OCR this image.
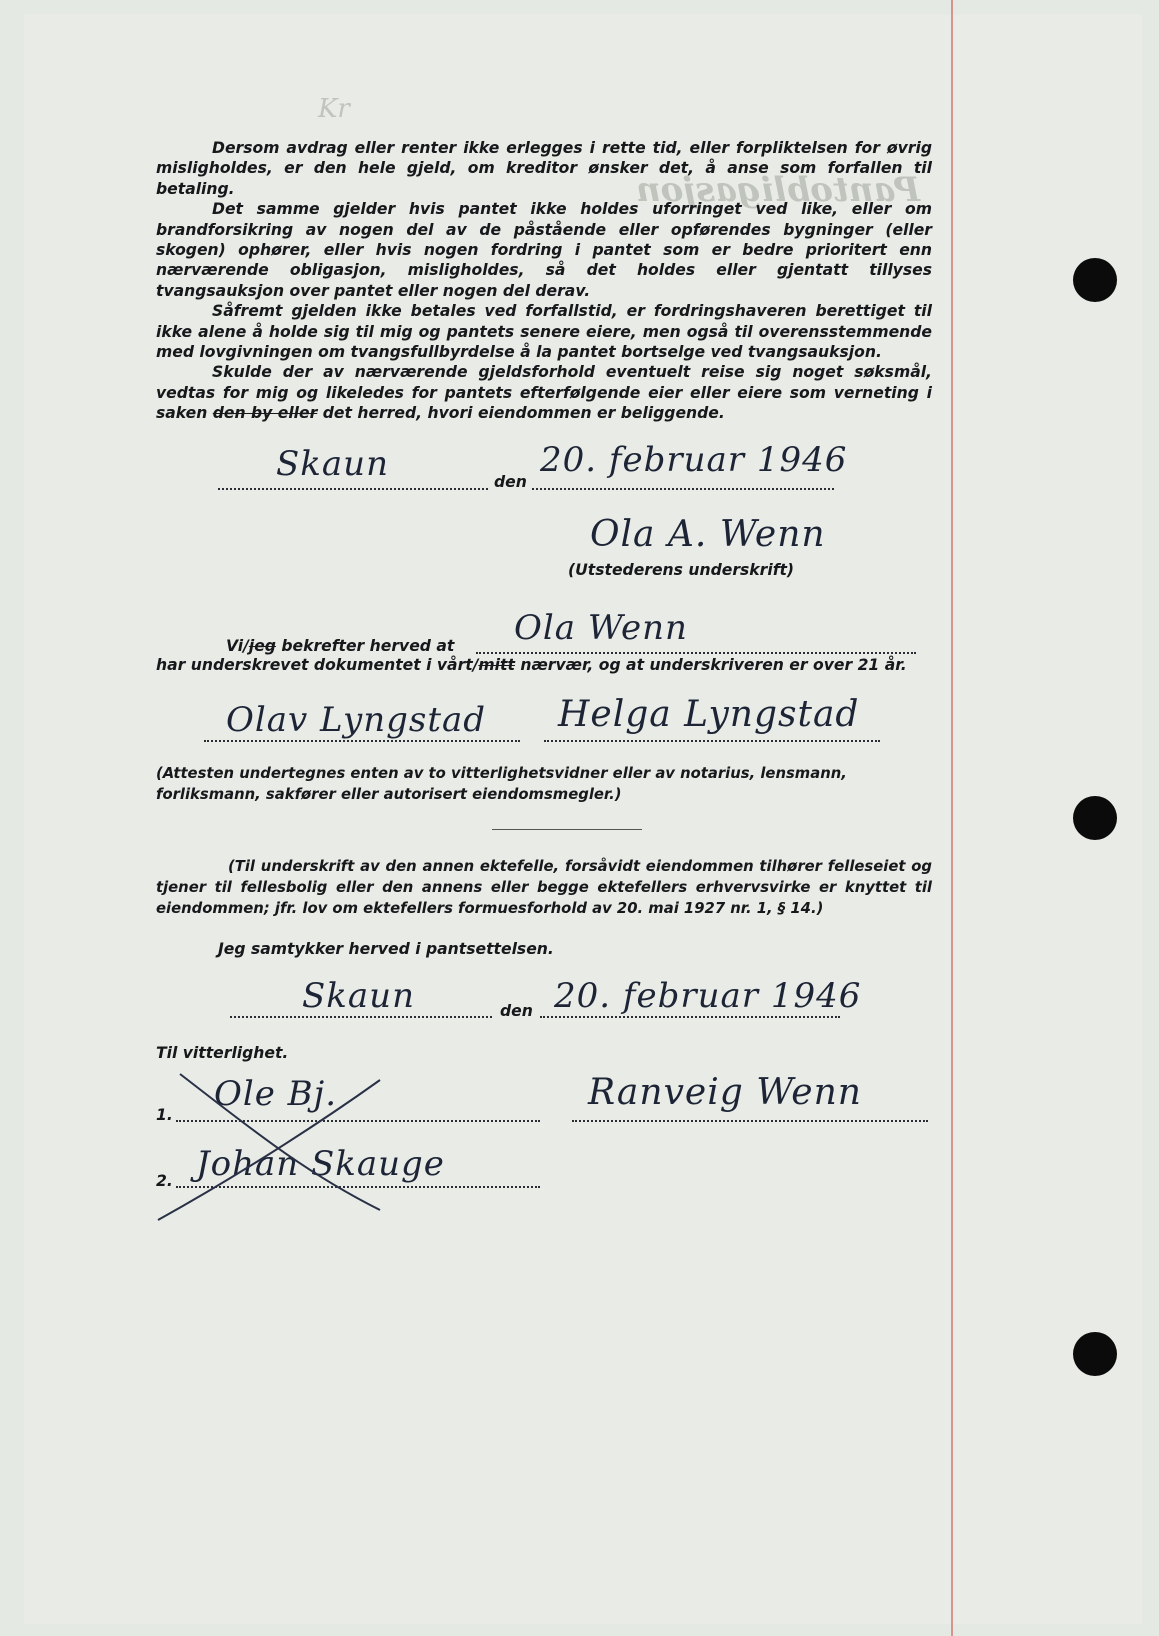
Kr
Pantobligasjon

Dersom avdrag eller renter ikke erlegges i rette tid, eller forpliktelsen for øvrig misligholdes, er den hele gjeld, om kreditor ønsker det, å anse som forfallen til betaling.

Det samme gjelder hvis pantet ikke holdes uforringet ved like, eller om brandforsikring av nogen del av de påstående eller opførendes bygninger (eller skogen) ophører, eller hvis nogen fordring i pantet som er bedre prioritert enn nærværende obligasjon, misligholdes, så det holdes eller gjentatt tillyses tvangsauksjon over pantet eller nogen del derav.

Såfremt gjelden ikke betales ved forfallstid, er fordringshaveren berettiget til ikke alene å holde sig til mig og pantets senere eiere, men også til overensstemmende med lovgivningen om tvangsfullbyrdelse å la pantet bortselge ved tvangsauksjon.

Skulde der av nærværende gjeldsforhold eventuelt reise sig noget søksmål, vedtas for mig og likeledes for pantets efterfølgende eier eller eiere som verneting i saken den by eller det herred, hvori eiendommen er beliggende.

Skaun	den
20. februar 1946
Ola A. Wenn
(Utstederens underskrift)
Vi/jeg bekrefter herved at Ola Wenn
har underskrevet dokumentet i vårt/mitt nærvær, og at underskriveren er over 21 år.
Olav Lyngstad Helga Lyngstad
(Attesten undertegnes enten av to vitterlighetsvidner eller av notarius, lensmann, forliksmann, sakfører eller autorisert eiendomsmegler.)
(Til underskrift av den annen ektefelle, forsåvidt eiendommen tilhører felleseiet og tjener til fellesbolig eller den annens eller begge ektefellers erhvervsvirke er knyttet til eiendommen; jfr. lov om ektefellers formuesforhold av 20. mai 1927 nr. 1, § 14.)
Jeg samtykker herved i pantsettelsen.
Skaun	den 20. februar 1946
Til vitterlighet.
1.
Ole Bj.	Ranveig Wenn
2. Johan Skauge
